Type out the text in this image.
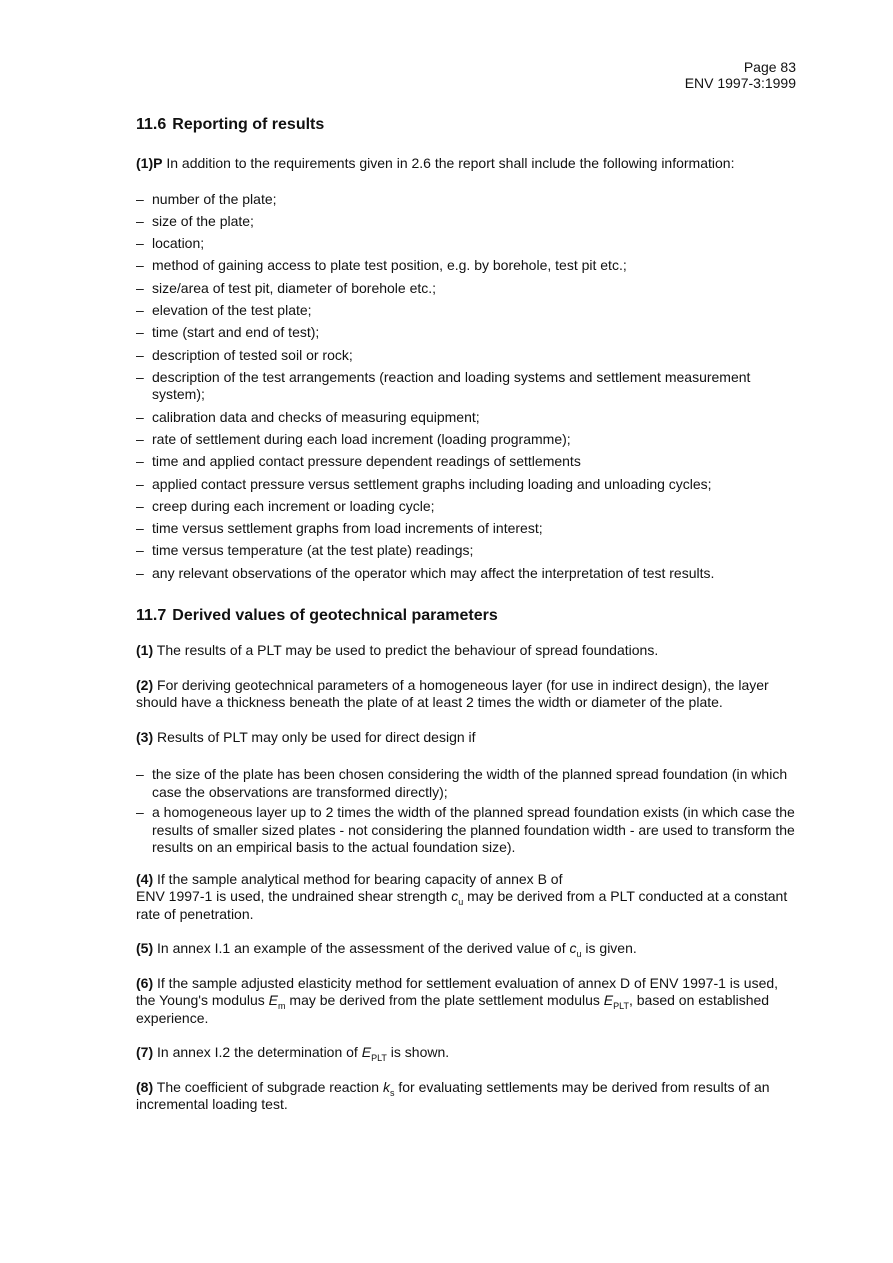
Page 83
ENV 1997-3:1999
11.6 Reporting of results

(1)P In addition to the requirements given in 2.6 the report shall include the following information:

– number of the plate;
– size of the plate;
– location;
– method of gaining access to plate test position, e.g. by borehole, test pit etc.;
– size/area of test pit, diameter of borehole etc.;
– elevation of the test plate;
– time (start and end of test);
– description of tested soil or rock;
– description of the test arrangements (reaction and loading systems and settlement measurement system);
– calibration data and checks of measuring equipment;
– rate of settlement during each load increment (loading programme);
– time and applied contact pressure dependent readings of settlements
– applied contact pressure versus settlement graphs including loading and unloading cycles;
– creep during each increment or loading cycle;
– time versus settlement graphs from load increments of interest;
– time versus temperature (at the test plate) readings;
– any relevant observations of the operator which may affect the interpretation of test results.
11.7 Derived values of geotechnical parameters

(1) The results of a PLT may be used to predict the behaviour of spread foundations.

(2) For deriving geotechnical parameters of a homogeneous layer (for use in indirect design), the layer should have a thickness beneath the plate of at least 2 times the width or diameter of the plate.

(3) Results of PLT may only be used for direct design if

– the size of the plate has been chosen considering the width of the planned spread foundation (in which case the observations are transformed directly);
– a homogeneous layer up to 2 times the width of the planned spread foundation exists (in which case the results of smaller sized plates - not considering the planned foundation width - are used to transform the results on an empirical basis to the actual foundation size).

(4) If the sample analytical method for bearing capacity of annex B of
ENV 1997-1 is used, the undrained shear strength $c_u$ may be derived from a PLT conducted at a constant rate of penetration.

(5) In annex I.1 an example of the assessment of the derived value of $c_u$ is given.

(6) If the sample adjusted elasticity method for settlement evaluation of annex D of ENV 1997-1 is used, the Young's modulus $E_m$ may be derived from the plate settlement modulus $E_{PLT}$, based on established experience.

(7) In annex I.2 the determination of $E_{PLT}$ is shown.

(8) The coefficient of subgrade reaction $k_s$ for evaluating settlements may be derived from results of an incremental loading test.
